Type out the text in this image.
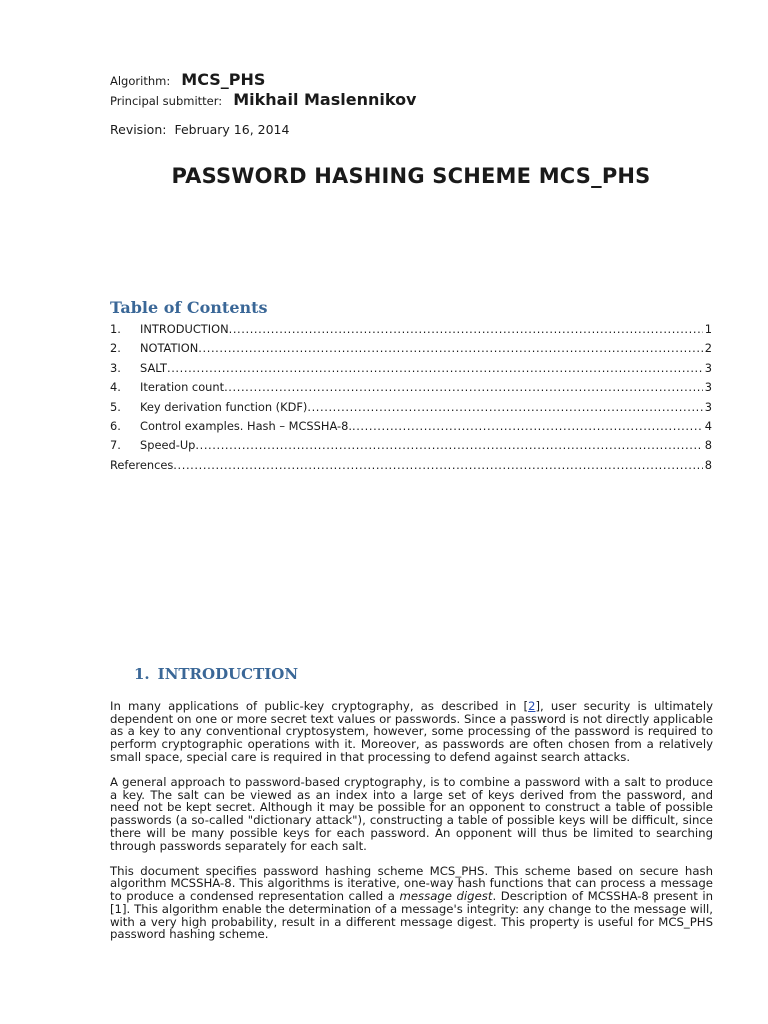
Algorithm: MCS_PHS
Principal submitter: Mikhail Maslennikov
Revision: February 16, 2014
PASSWORD HASHING SCHEME MCS_PHS
Table of Contents
1.	INTRODUCTION .....	1
2.	NOTATION .....	2
3.	SALT .....	3
4.	Iteration count .....	3
5.	Key derivation function (KDF) .....	3
6.	Control examples. Hash – MCSSHA-8. .....	4
7.	Speed-Up .....	8
References .....	8
1. INTRODUCTION

In many applications of public-key cryptography, as described in [2], user security is ultimately dependent on one or more secret text values or passwords. Since a password is not directly applicable as a key to any conventional cryptosystem, however, some processing of the password is required to perform cryptographic operations with it. Moreover, as passwords are often chosen from a relatively small space, special care is required in that processing to defend against search attacks.

A general approach to password-based cryptography, is to combine a password with a salt to produce a key. The salt can be viewed as an index into a large set of keys derived from the password, and need not be kept secret. Although it may be possible for an opponent to construct a table of possible passwords (a so-called "dictionary attack"), constructing a table of possible keys will be difficult, since there will be many possible keys for each password. An opponent will thus be limited to searching through passwords separately for each salt.

This document specifies password hashing scheme MCS_PHS. This scheme based on secure hash algorithm MCSSHA-8. This algorithms is iterative, one-way hash functions that can process a message to produce a condensed representation called a message digest. Description of MCSSHA-8 present in [1]. This algorithm enable the determination of a message's integrity: any change to the message will, with a very high probability, result in a different message digest. This property is useful for MCS_PHS password hashing scheme.
